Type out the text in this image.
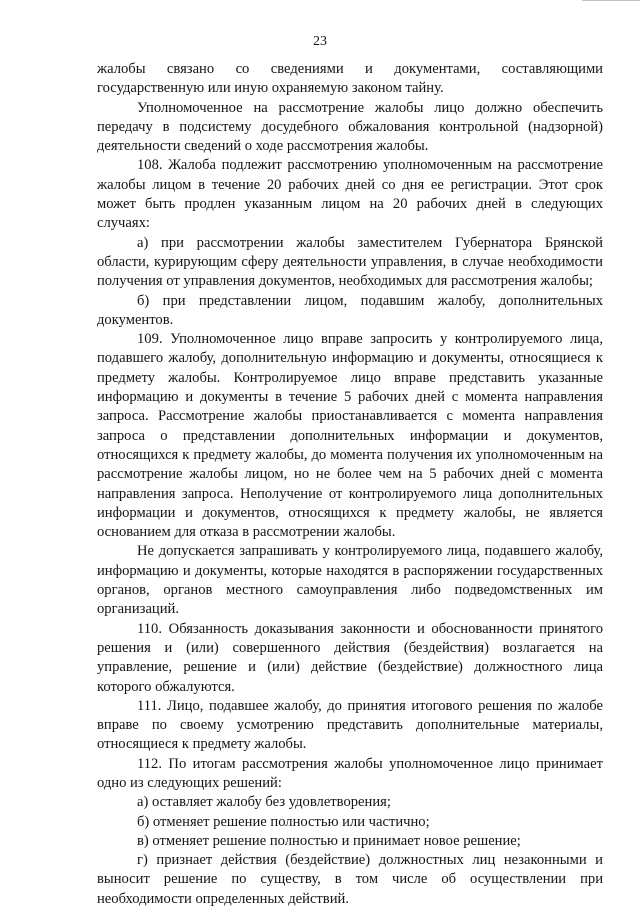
23

жалобы связано со сведениями и документами, составляющими государственную или иную охраняемую законом тайну.

Уполномоченное на рассмотрение жалобы лицо должно обеспечить передачу в подсистему досудебного обжалования контрольной (надзорной) деятельности сведений о ходе рассмотрения жалобы.

108. Жалоба подлежит рассмотрению уполномоченным на рассмотрение жалобы лицом в течение 20 рабочих дней со дня ее регистрации. Этот срок может быть продлен указанным лицом на 20 рабочих дней в следующих случаях:

а) при рассмотрении жалобы заместителем Губернатора Брянской области, курирующим сферу деятельности управления, в случае необходимости получения от управления документов, необходимых для рассмотрения жалобы;

б) при представлении лицом, подавшим жалобу, дополнительных документов.

109. Уполномоченное лицо вправе запросить у контролируемого лица, подавшего жалобу, дополнительную информацию и документы, относящиеся к предмету жалобы. Контролируемое лицо вправе представить указанные информацию и документы в течение 5 рабочих дней с момента направления запроса. Рассмотрение жалобы приостанавливается с момента направления запроса о представлении дополнительных информации и документов, относящихся к предмету жалобы, до момента получения их уполномоченным на рассмотрение жалобы лицом, но не более чем на 5 рабочих дней с момента направления запроса. Неполучение от контролируемого лица дополнительных информации и документов, относящихся к предмету жалобы, не является основанием для отказа в рассмотрении жалобы.

Не допускается запрашивать у контролируемого лица, подавшего жалобу, информацию и документы, которые находятся в распоряжении государственных органов, органов местного самоуправления либо подведомственных им организаций.

110. Обязанность доказывания законности и обоснованности принятого решения и (или) совершенного действия (бездействия) возлагается на управление, решение и (или) действие (бездействие) должностного лица которого обжалуются.

111. Лицо, подавшее жалобу, до принятия итогового решения по жалобе вправе по своему усмотрению представить дополнительные материалы, относящиеся к предмету жалобы.

112. По итогам рассмотрения жалобы уполномоченное лицо принимает одно из следующих решений:

а) оставляет жалобу без удовлетворения;

б) отменяет решение полностью или частично;

в) отменяет решение полностью и принимает новое решение;

г) признает действия (бездействие) должностных лиц незаконными и выносит решение по существу, в том числе об осуществлении при необходимости определенных действий.
